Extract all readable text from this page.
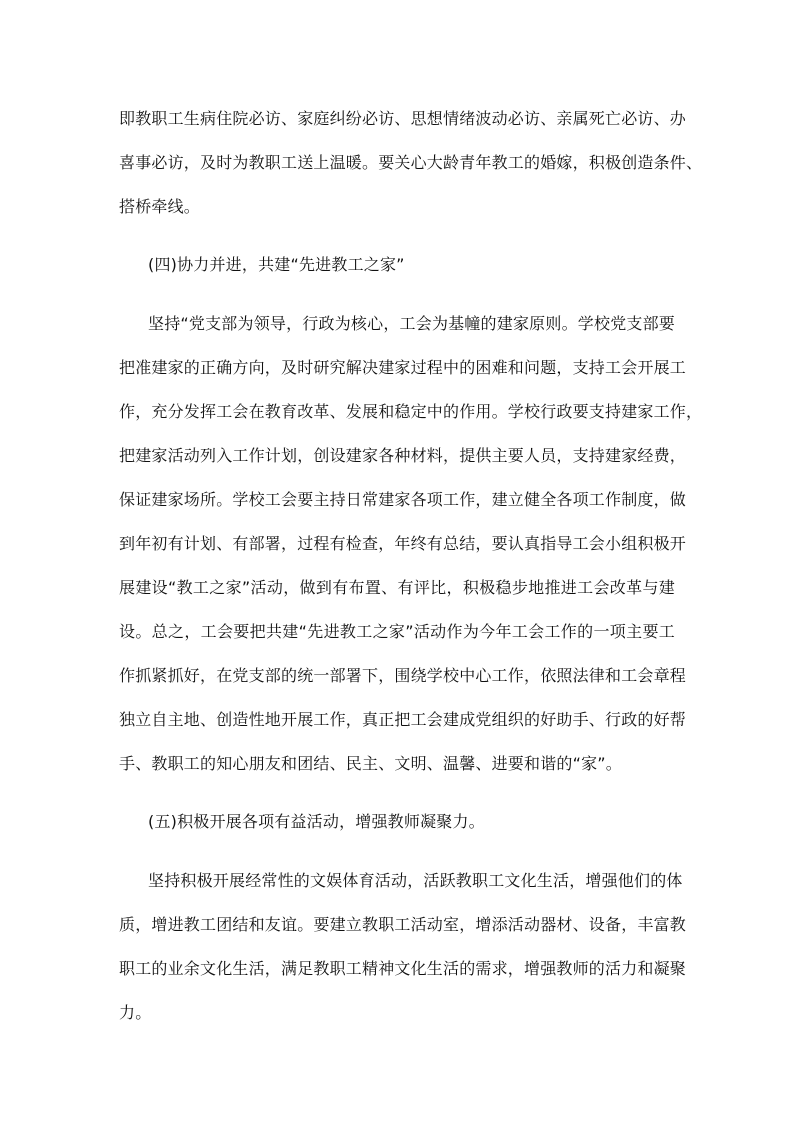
即教职工生病住院必访、家庭纠纷必访、思想情绪波动必访、亲属死亡必访、办
喜事必访，及时为教职工送上温暖。要关心大龄青年教工的婚嫁，积极创造条件、
搭桥牵线。
(四)协力并进，共建“先进教工之家”
坚持“党支部为领导，行政为核心，工会为基幢的建家原则。学校党支部要
把准建家的正确方向，及时研究解决建家过程中的困难和问题，支持工会开展工
作，充分发挥工会在教育改革、发展和稳定中的作用。学校行政要支持建家工作，
把建家活动列入工作计划，创设建家各种材料，提供主要人员，支持建家经费，
保证建家场所。学校工会要主持日常建家各项工作，建立健全各项工作制度，做
到年初有计划、有部署，过程有检查，年终有总结，要认真指导工会小组积极开
展建设“教工之家”活动，做到有布置、有评比，积极稳步地推进工会改革与建
设。总之，工会要把共建“先进教工之家”活动作为今年工会工作的一项主要工
作抓紧抓好，在党支部的统一部署下，围绕学校中心工作，依照法律和工会章程
独立自主地、创造性地开展工作，真正把工会建成党组织的好助手、行政的好帮
手、教职工的知心朋友和团结、民主、文明、温馨、进要和谐的“家”。
(五)积极开展各项有益活动，增强教师凝聚力。
坚持积极开展经常性的文娱体育活动，活跃教职工文化生活，增强他们的体
质，增进教工团结和友谊。要建立教职工活动室，增添活动器材、设备，丰富教
职工的业余文化生活，满足教职工精神文化生活的需求，增强教师的活力和凝聚
力。
